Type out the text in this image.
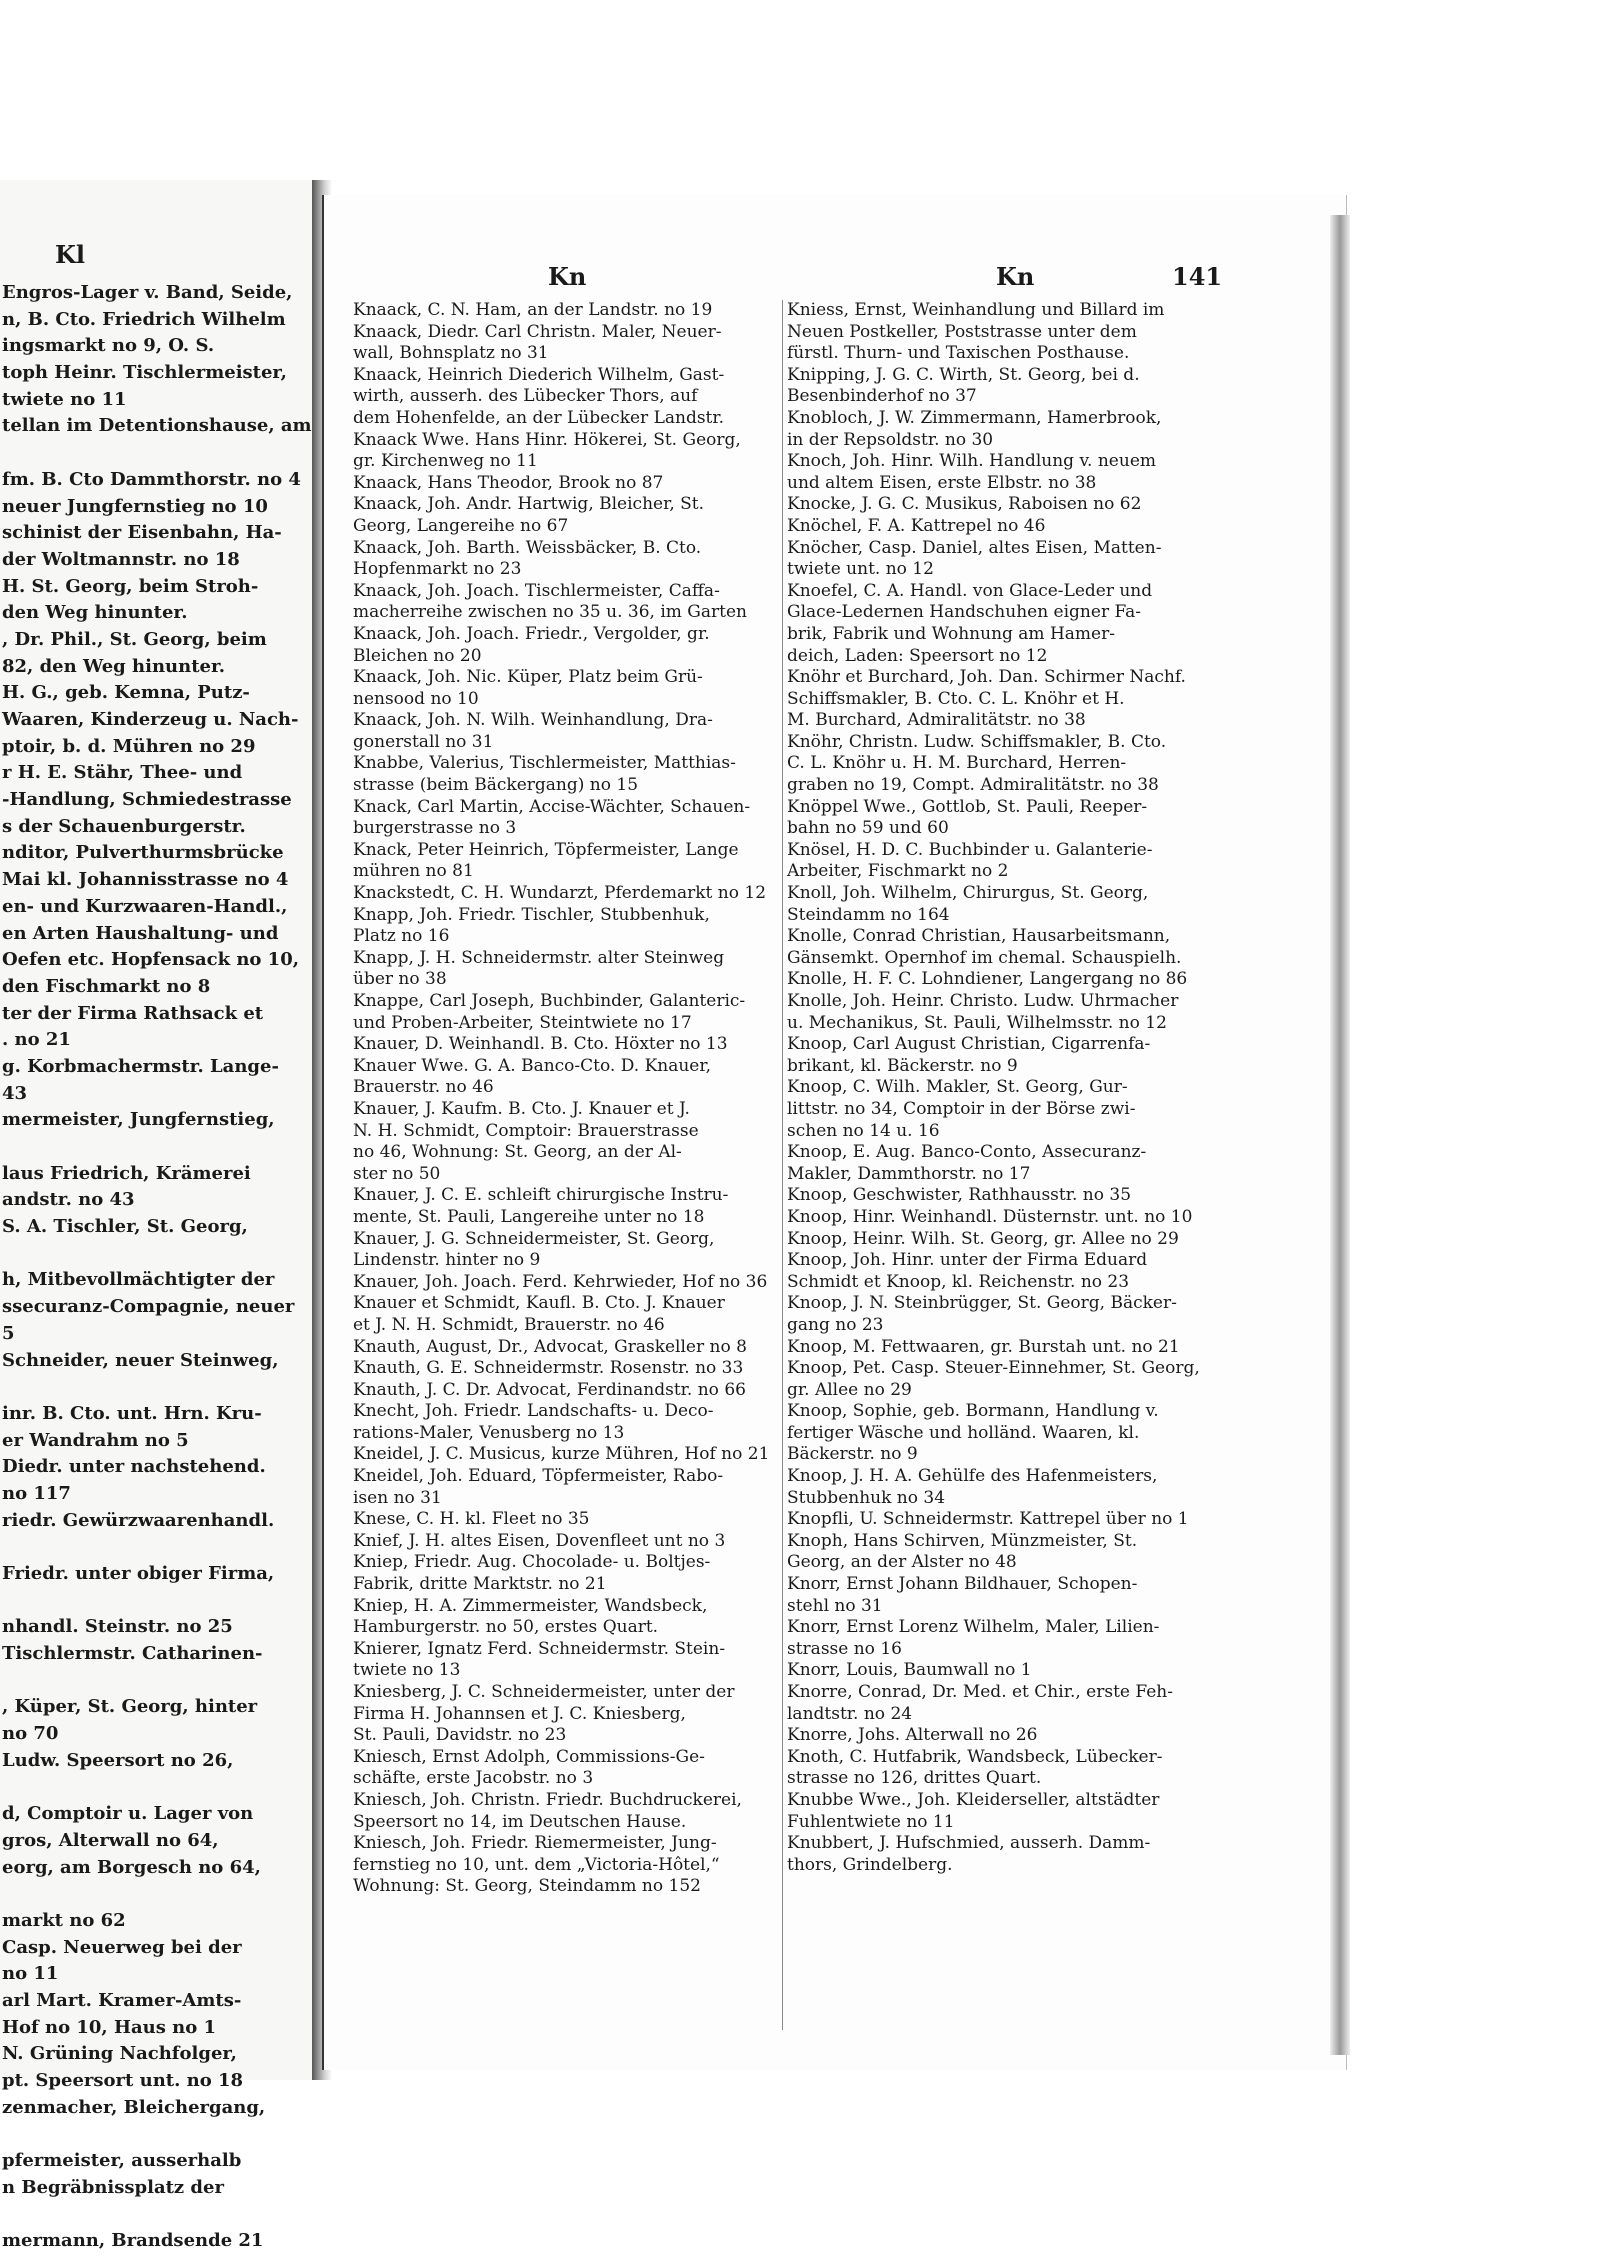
Kl
Engros-Lager v. Band, Seide,
n, B. Cto. Friedrich Wilhelm
ingsmarkt no 9, O. S.
toph Heinr. Tischlermeister,
twiete no 11
tellan im Detentionshause, am
fm. B. Cto Dammthorstr. no 4
neuer Jungfernstieg no 10
schinist der Eisenbahn, Ha-
der Woltmannstr. no 18
H. St. Georg, beim Stroh-
den Weg hinunter.
, Dr. Phil., St. Georg, beim
82, den Weg hinunter.
H. G., geb. Kemna, Putz-
Waaren, Kinderzeug u. Nach-
ptoir, b. d. Mühren no 29
r H. E. Stähr, Thee- und
-Handlung, Schmiedestrasse
s der Schauenburgerstr.
nditor, Pulverthurmsbrücke
Mai kl. Johannisstrasse no 4
en- und Kurzwaaren-Handl.,
en Arten Haushaltung- und
Oefen etc. Hopfensack no 10,
den Fischmarkt no 8
ter der Firma Rathsack et
. no 21
g. Korbmachermstr. Lange-
43
mermeister, Jungfernstieg,
laus Friedrich, Krämerei
andstr. no 43
S. A. Tischler, St. Georg,
h, Mitbevollmächtigter der
ssecuranz-Compagnie, neuer
5
Schneider, neuer Steinweg,
inr. B. Cto. unt. Hrn. Kru-
er Wandrahm no 5
Diedr. unter nachstehend.
no 117
riedr. Gewürzwaarenhandl.
Friedr. unter obiger Firma,
nhandl. Steinstr. no 25
Tischlermstr. Catharinen-
, Küper, St. Georg, hinter
no 70
Ludw. Speersort no 26,
d, Comptoir u. Lager von
gros, Alterwall no 64,
eorg, am Borgesch no 64,
markt no 62
Casp. Neuerweg bei der
no 11
arl Mart. Kramer-Amts-
Hof no 10, Haus no 1
N. Grüning Nachfolger,
pt. Speersort unt. no 18
zenmacher, Bleichergang,
pfermeister, ausserhalb
n Begräbnissplatz der
mermann, Brandsende 21
Kn	Kn	141
Knaack, C. N. Ham, an der Landstr. no 19
Knaack, Diedr. Carl Christn. Maler, Neuer-
wall, Bohnsplatz no 31
Knaack, Heinrich Diederich Wilhelm, Gast-
wirth, ausserh. des Lübecker Thors, auf
dem Hohenfelde, an der Lübecker Landstr.
Knaack Wwe. Hans Hinr. Hökerei, St. Georg,
gr. Kirchenweg no 11
Knaack, Hans Theodor, Brook no 87
Knaack, Joh. Andr. Hartwig, Bleicher, St.
Georg, Langereihe no 67
Knaack, Joh. Barth. Weissbäcker, B. Cto.
Hopfenmarkt no 23
Knaack, Joh. Joach. Tischlermeister, Caffa-
macherreihe zwischen no 35 u. 36, im Garten
Knaack, Joh. Joach. Friedr., Vergolder, gr.
Bleichen no 20
Knaack, Joh. Nic. Küper, Platz beim Grü-
nensood no 10
Knaack, Joh. N. Wilh. Weinhandlung, Dra-
gonerstall no 31
Knabbe, Valerius, Tischlermeister, Matthias-
strasse (beim Bäckergang) no 15
Knack, Carl Martin, Accise-Wächter, Schauen-
burgerstrasse no 3
Knack, Peter Heinrich, Töpfermeister, Lange
mühren no 81
Knackstedt, C. H. Wundarzt, Pferdemarkt no 12
Knapp, Joh. Friedr. Tischler, Stubbenhuk,
Platz no 16
Knapp, J. H. Schneidermstr. alter Steinweg
über no 38
Knappe, Carl Joseph, Buchbinder, Galanteric-
und Proben-Arbeiter, Steintwiete no 17
Knauer, D. Weinhandl. B. Cto. Höxter no 13
Knauer Wwe. G. A. Banco-Cto. D. Knauer,
Brauerstr. no 46
Knauer, J. Kaufm. B. Cto. J. Knauer et J.
N. H. Schmidt, Comptoir: Brauerstrasse
no 46, Wohnung: St. Georg, an der Al-
ster no 50
Knauer, J. C. E. schleift chirurgische Instru-
mente, St. Pauli, Langereihe unter no 18
Knauer, J. G. Schneidermeister, St. Georg,
Lindenstr. hinter no 9
Knauer, Joh. Joach. Ferd. Kehrwieder, Hof no 36
Knauer et Schmidt, Kaufl. B. Cto. J. Knauer
et J. N. H. Schmidt, Brauerstr. no 46
Knauth, August, Dr., Advocat, Graskeller no 8
Knauth, G. E. Schneidermstr. Rosenstr. no 33
Knauth, J. C. Dr. Advocat, Ferdinandstr. no 66
Knecht, Joh. Friedr. Landschafts- u. Deco-
rations-Maler, Venusberg no 13
Kneidel, J. C. Musicus, kurze Mühren, Hof no 21
Kneidel, Joh. Eduard, Töpfermeister, Rabo-
isen no 31
Knese, C. H. kl. Fleet no 35
Knief, J. H. altes Eisen, Dovenfleet unt no 3
Kniep, Friedr. Aug. Chocolade- u. Boltjes-
Fabrik, dritte Marktstr. no 21
Kniep, H. A. Zimmermeister, Wandsbeck,
Hamburgerstr. no 50, erstes Quart.
Knierer, Ignatz Ferd. Schneidermstr. Stein-
twiete no 13
Kniesberg, J. C. Schneidermeister, unter der
Firma H. Johannsen et J. C. Kniesberg,
St. Pauli, Davidstr. no 23
Kniesch, Ernst Adolph, Commissions-Ge-
schäfte, erste Jacobstr. no 3
Kniesch, Joh. Christn. Friedr. Buchdruckerei,
Speersort no 14, im Deutschen Hause.
Kniesch, Joh. Friedr. Riemermeister, Jung-
fernstieg no 10, unt. dem „Victoria-Hôtel,“
Wohnung: St. Georg, Steindamm no 152
Kniess, Ernst, Weinhandlung und Billard im
Neuen Postkeller, Poststrasse unter dem
fürstl. Thurn- und Taxischen Posthause.
Knipping, J. G. C. Wirth, St. Georg, bei d.
Besenbinderhof no 37
Knobloch, J. W. Zimmermann, Hamerbrook,
in der Repsoldstr. no 30
Knoch, Joh. Hinr. Wilh. Handlung v. neuem
und altem Eisen, erste Elbstr. no 38
Knocke, J. G. C. Musikus, Raboisen no 62
Knöchel, F. A. Kattrepel no 46
Knöcher, Casp. Daniel, altes Eisen, Matten-
twiete unt. no 12
Knoefel, C. A. Handl. von Glace-Leder und
Glace-Ledernen Handschuhen eigner Fa-
brik, Fabrik und Wohnung am Hamer-
deich, Laden: Speersort no 12
Knöhr et Burchard, Joh. Dan. Schirmer Nachf.
Schiffsmakler, B. Cto. C. L. Knöhr et H.
M. Burchard, Admiralitätstr. no 38
Knöhr, Christn. Ludw. Schiffsmakler, B. Cto.
C. L. Knöhr u. H. M. Burchard, Herren-
graben no 19, Compt. Admiralitätstr. no 38
Knöppel Wwe., Gottlob, St. Pauli, Reeper-
bahn no 59 und 60
Knösel, H. D. C. Buchbinder u. Galanterie-
Arbeiter, Fischmarkt no 2
Knoll, Joh. Wilhelm, Chirurgus, St. Georg,
Steindamm no 164
Knolle, Conrad Christian, Hausarbeitsmann,
Gänsemkt. Opernhof im chemal. Schauspielh.
Knolle, H. F. C. Lohndiener, Langergang no 86
Knolle, Joh. Heinr. Christo. Ludw. Uhrmacher
u. Mechanikus, St. Pauli, Wilhelmsstr. no 12
Knoop, Carl August Christian, Cigarrenfa-
brikant, kl. Bäckerstr. no 9
Knoop, C. Wilh. Makler, St. Georg, Gur-
littstr. no 34, Comptoir in der Börse zwi-
schen no 14 u. 16
Knoop, E. Aug. Banco-Conto, Assecuranz-
Makler, Dammthorstr. no 17
Knoop, Geschwister, Rathhausstr. no 35
Knoop, Hinr. Weinhandl. Düsternstr. unt. no 10
Knoop, Heinr. Wilh. St. Georg, gr. Allee no 29
Knoop, Joh. Hinr. unter der Firma Eduard
Schmidt et Knoop, kl. Reichenstr. no 23
Knoop, J. N. Steinbrügger, St. Georg, Bäcker-
gang no 23
Knoop, M. Fettwaaren, gr. Burstah unt. no 21
Knoop, Pet. Casp. Steuer-Einnehmer, St. Georg,
gr. Allee no 29
Knoop, Sophie, geb. Bormann, Handlung v.
fertiger Wäsche und holländ. Waaren, kl.
Bäckerstr. no 9
Knoop, J. H. A. Gehülfe des Hafenmeisters,
Stubbenhuk no 34
Knopfli, U. Schneidermstr. Kattrepel über no 1
Knoph, Hans Schirven, Münzmeister, St.
Georg, an der Alster no 48
Knorr, Ernst Johann Bildhauer, Schopen-
stehl no 31
Knorr, Ernst Lorenz Wilhelm, Maler, Lilien-
strasse no 16
Knorr, Louis, Baumwall no 1
Knorre, Conrad, Dr. Med. et Chir., erste Feh-
landtstr. no 24
Knorre, Johs. Alterwall no 26
Knoth, C. Hutfabrik, Wandsbeck, Lübecker-
strasse no 126, drittes Quart.
Knubbe Wwe., Joh. Kleiderseller, altstädter
Fuhlentwiete no 11
Knubbert, J. Hufschmied, ausserh. Damm-
thors, Grindelberg.
